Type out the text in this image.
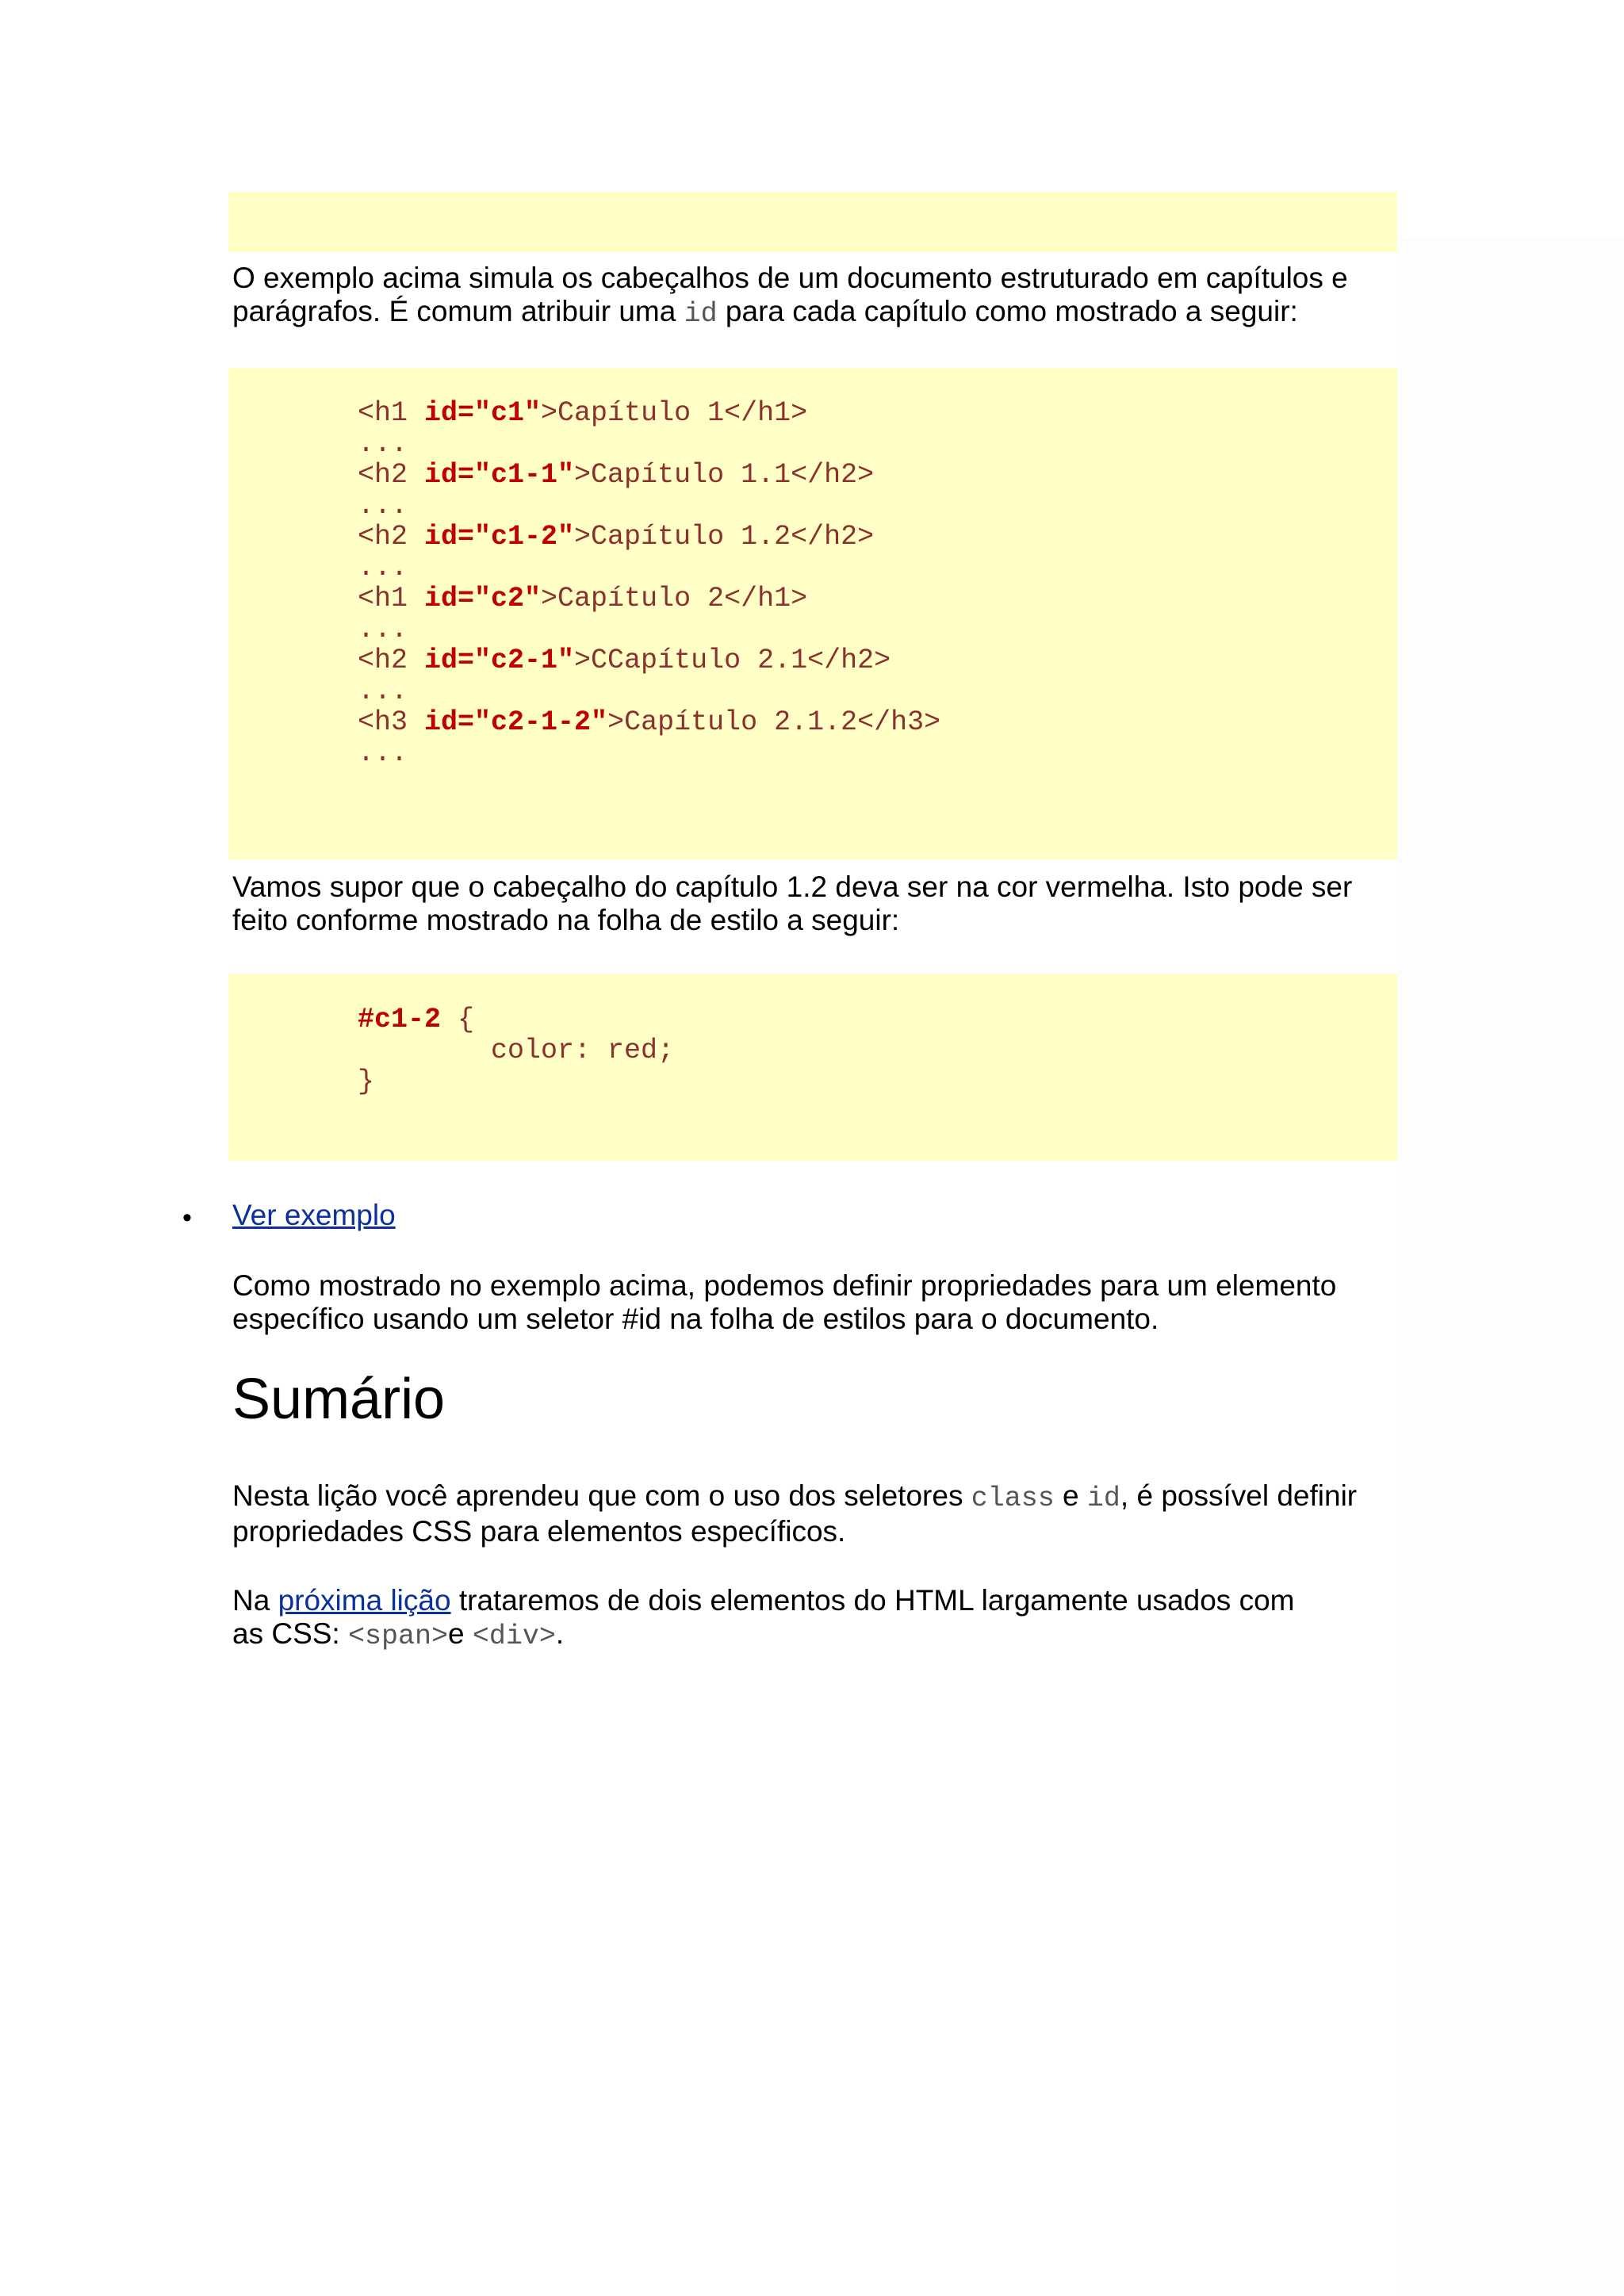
O exemplo acima simula os cabeçalhos de um documento estruturado em capítulos e parágrafos. É comum atribuir uma id para cada capítulo como mostrado a seguir:

<h1 id="c1">Capítulo 1</h1>
...
<h2 id="c1-1">Capítulo 1.1</h2>
...
<h2 id="c1-2">Capítulo 1.2</h2>
...
<h1 id="c2">Capítulo 2</h1>
...
<h2 id="c2-1">CCapítulo 2.1</h2>
...
<h3 id="c2-1-2">Capítulo 2.1.2</h3>
...

Vamos supor que o cabeçalho do capítulo 1.2 deva ser na cor vermelha. Isto pode ser feito conforme mostrado na folha de estilo a seguir:

#c1-2 {
color: red;
}
• Ver exemplo

Como mostrado no exemplo acima, podemos definir propriedades para um elemento específico usando um seletor #id na folha de estilos para o documento.

Sumário

Nesta lição você aprendeu que com o uso dos seletores class e id, é possível definir propriedades CSS para elementos específicos.

Na próxima lição trataremos de dois elementos do HTML largamente usados com as CSS: <span>e <div>.
